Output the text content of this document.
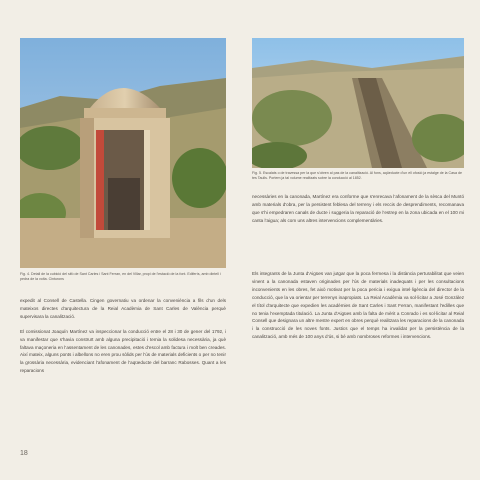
Fig. 4. Detall de la cubició del sifó de Sant Carles i Sant Ferran, en del Villar, propi de l’estació de la font. Ediferís, amb dintell i pedra de la volta. Cinturons
Fig. 5. Escalats o de travessa per la que s'obren al pas de la canalització. Al fons, aqüeducte d'un ell ofosió ja estalge de la Casa de tes Taulls. Portem ja tal volume realitzats sobre la conducció al 1852.

expedit al Consell de Castella. Cingen governatiu va ordenar la conveniència a fils d’un dels mateixos directes d’arquitectura de la Reial Acadèmia de Sant Carles de València perquè supervisara la canalització.

El comissionat Joaquín Martínez va inspeccionar la conducció entre el 28 i 30 de gener del 1792, i va manifestar que s'havia construït amb alguna precipitació i temia la solidesa necessària, ja què faltava maçoneria en l’assentament de les canonades, estes d’escol amb factura i molt ben creades. Així mateix, alguns ponts i albellons no eren prou sòlids per l’ús de materials deficients o per no tenir la grossària necessària, evidenciant l’afonament de l’aqüeducte del barranc Rabosses. Quant a les reparacions

necessàries en la canonada, Martínez era conforme que s'enrecava l’afonament de la sèsca del Muntó amb materials d'obra, per la persistent feblesa del terreny i els reccis de desprendiments, recomanava que s'hi empedraren canals de ducte i suggeria la reparació de l’estrep en la zona ubicada en el 100 mi canta l’aigua; als com uns altres intervencions complementàries.

Els integrants de la Junta d'Aigües van jutgar que la poca fermesa i la distància perturabilitat que veien vinent a la canonada estaven originades per l'ús de materials inadequats i per les consultacions inconvenients en les obres, fet això motivat per la poca pericia i exigua intel·ligència del director de la conducció, que la va orientar per terrenys inapropiats. La Reial Acadèmia va sol·licitar a José González el títol d'arquitecte que expedien les acadèmies de Sant Carles i Sant Ferran, manifestant l'edilles que no tenia l’exemptada titulació. La Junta d'Aigües amb la falta de mèrit a Conrado i es sol·licitar al Reial Consell que designara un altre mestre expert en obres perquè realitzara les reparacions de la canonada i la construcció de les noves fonts. Justics que el temps ha invalidat per la persistència de la canalització, amb més de 100 anys d’ús, si bé amb nombroses reformes i intervencions.

18
